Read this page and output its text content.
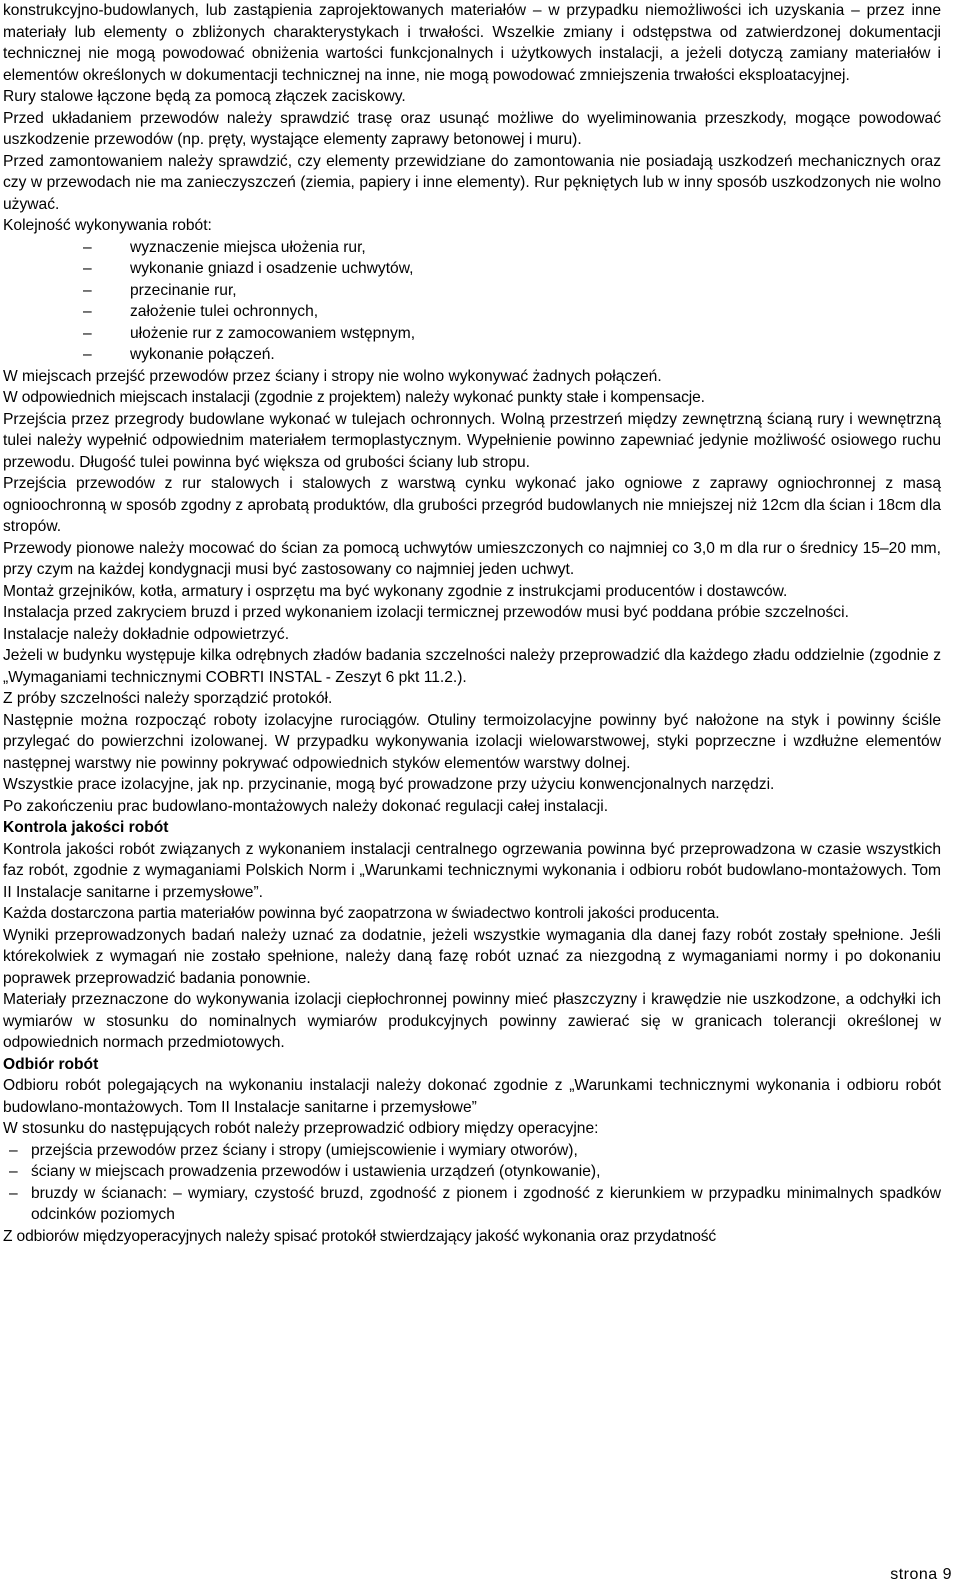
konstrukcyjno-budowlanych, lub zastąpienia zaprojektowanych materiałów – w przypadku niemożliwości ich uzyskania – przez inne materiały lub elementy o zbliżonych charakterystykach i trwałości. Wszelkie zmiany i odstępstwa od zatwierdzonej dokumentacji technicznej nie mogą powodować obniżenia wartości funkcjonalnych i użytkowych instalacji, a jeżeli dotyczą zamiany materiałów i elementów określonych w dokumentacji technicznej na inne, nie mogą powodować zmniejszenia trwałości eksploatacyjnej.

Rury stalowe łączone będą za pomocą złączek zaciskowy.

Przed układaniem przewodów należy sprawdzić trasę oraz usunąć możliwe do wyeliminowania przeszkody, mogące powodować uszkodzenie przewodów (np. pręty, wystające elementy zaprawy betonowej i muru).

Przed zamontowaniem należy sprawdzić, czy elementy przewidziane do zamontowania nie posiadają uszkodzeń mechanicznych oraz czy w przewodach nie ma zanieczyszczeń (ziemia, papiery i inne elementy). Rur pękniętych lub w inny sposób uszkodzonych nie wolno używać.

Kolejność wykonywania robót:

– wyznaczenie miejsca ułożenia rur,
– wykonanie gniazd i osadzenie uchwytów,
– przecinanie rur,
– założenie tulei ochronnych,
– ułożenie rur z zamocowaniem wstępnym,
– wykonanie połączeń.

W miejscach przejść przewodów przez ściany i stropy nie wolno wykonywać żadnych połączeń.

W odpowiednich miejscach instalacji (zgodnie z projektem) należy wykonać punkty stałe i kompensacje.

Przejścia przez przegrody budowlane wykonać w tulejach ochronnych. Wolną przestrzeń między zewnętrzną ścianą rury i wewnętrzną tulei należy wypełnić odpowiednim materiałem termoplastycznym. Wypełnienie powinno zapewniać jedynie możliwość osiowego ruchu przewodu. Długość tulei powinna być większa od grubości ściany lub stropu.

Przejścia przewodów z rur stalowych i stalowych z warstwą cynku wykonać jako ogniowe z zaprawy ogniochronnej z masą ognioochronną w sposób zgodny z aprobatą produktów, dla grubości przegród budowlanych nie mniejszej niż 12cm dla ścian i 18cm dla stropów.

Przewody pionowe należy mocować do ścian za pomocą uchwytów umieszczonych co najmniej co 3,0 m dla rur o średnicy 15–20 mm, przy czym na każdej kondygnacji musi być zastosowany co najmniej jeden uchwyt.

Montaż grzejników, kotła, armatury i osprzętu ma być wykonany zgodnie z instrukcjami producentów i dostawców.

Instalacja przed zakryciem bruzd i przed wykonaniem izolacji termicznej przewodów musi być poddana próbie szczelności.

Instalacje należy dokładnie odpowietrzyć.

Jeżeli w budynku występuje kilka odrębnych zładów badania szczelności należy przeprowadzić dla każdego zładu oddzielnie (zgodnie z „Wymaganiami technicznymi COBRTI INSTAL - Zeszyt 6 pkt 11.2.).

Z próby szczelności należy sporządzić protokół.

Następnie można rozpocząć roboty izolacyjne rurociągów. Otuliny termoizolacyjne powinny być nałożone na styk i powinny ściśle przylegać do powierzchni izolowanej. W przypadku wykonywania izolacji wielowarstwowej, styki poprzeczne i wzdłużne elementów następnej warstwy nie powinny pokrywać odpowiednich styków elementów warstwy dolnej.

Wszystkie prace izolacyjne, jak np. przycinanie, mogą być prowadzone przy użyciu konwencjonalnych narzędzi.

Po zakończeniu prac budowlano-montażowych należy dokonać regulacji całej instalacji.

Kontrola jakości robót

Kontrola jakości robót związanych z wykonaniem instalacji centralnego ogrzewania powinna być przeprowadzona w czasie wszystkich faz robót, zgodnie z wymaganiami Polskich Norm i „Warunkami technicznymi wykonania i odbioru robót budowlano-montażowych. Tom II Instalacje sanitarne i przemysłowe”.

Każda dostarczona partia materiałów powinna być zaopatrzona w świadectwo kontroli jakości producenta.

Wyniki przeprowadzonych badań należy uznać za dodatnie, jeżeli wszystkie wymagania dla danej fazy robót zostały spełnione. Jeśli którekolwiek z wymagań nie zostało spełnione, należy daną fazę robót uznać za niezgodną z wymaganiami normy i po dokonaniu poprawek przeprowadzić badania ponownie.

Materiały przeznaczone do wykonywania izolacji ciepłochronnej powinny mieć płaszczyzny i krawędzie nie uszkodzone, a odchyłki ich wymiarów w stosunku do nominalnych wymiarów produkcyjnych powinny zawierać się w granicach tolerancji określonej w odpowiednich normach przedmiotowych.

Odbiór robót

Odbioru robót polegających na wykonaniu instalacji należy dokonać zgodnie z „Warunkami technicznymi wykonania i odbioru robót budowlano-montażowych. Tom II Instalacje sanitarne i przemysłowe”

W stosunku do następujących robót należy przeprowadzić odbiory między operacyjne:

– przejścia przewodów przez ściany i stropy (umiejscowienie i wymiary otworów),
– ściany w miejscach prowadzenia przewodów i ustawienia urządzeń (otynkowanie),
– bruzdy w ścianach: – wymiary, czystość bruzd, zgodność z pionem i zgodność z kierunkiem w przypadku minimalnych spadków odcinków poziomych

Z odbiorów międzyoperacyjnych należy spisać protokół stwierdzający jakość wykonania oraz przydatność

strona 9
